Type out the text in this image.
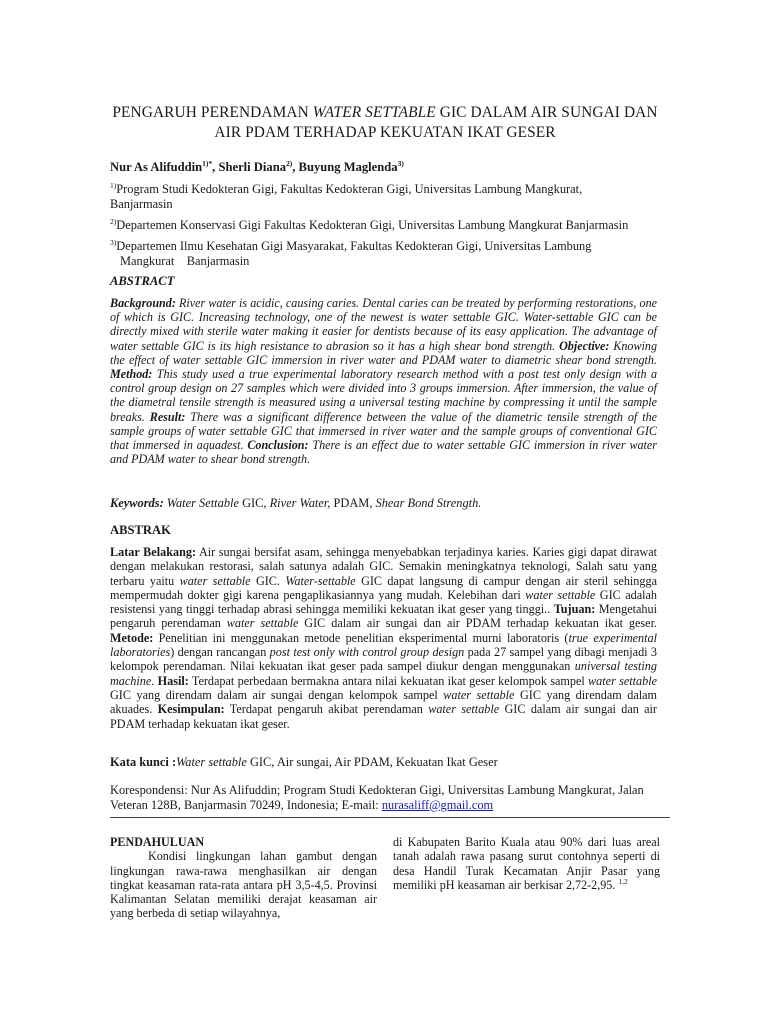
PENGARUH PERENDAMAN WATER SETTABLE GIC DALAM AIR SUNGAI DAN AIR PDAM TERHADAP KEKUATAN IKAT GESER
Nur As Alifuddin$^{1)*}$, Sherli Diana$^{2)}$, Buyung Maglenda$^{3)}$
$^{1)}$Program Studi Kedokteran Gigi, Fakultas Kedokteran Gigi, Universitas Lambung Mangkurat,
Banjarmasin
$^{2)}$Departemen Konservasi Gigi Fakultas Kedokteran Gigi, Universitas Lambung Mangkurat Banjarmasin
$^{3)}$Departemen Ilmu Kesehatan Gigi Masyarakat, Fakultas Kedokteran Gigi, Universitas Lambung
Mangkurat    Banjarmasin
ABSTRACT
Background: River water is acidic, causing caries. Dental caries can be treated by performing restorations, one of which is GIC. Increasing technology, one of the newest is water settable GIC. Water-settable GIC can be directly mixed with sterile water making it easier for dentists because of its easy application. The advantage of water settable GIC is its high resistance to abrasion so it has a high shear bond strength. Objective: Knowing the effect of water settable GIC immersion in river water and PDAM water to diametric shear bond strength. Method: This study used a true experimental laboratory research method with a post test only design with a control group design on 27 samples which were divided into 3 groups immersion. After immersion, the value of the diametral tensile strength is measured using a universal testing machine by compressing it until the sample breaks. Result: There was a significant difference between the value of the diametric tensile strength of the sample groups of water settable GIC that immersed in river water and the sample groups of conventional GIC that immersed in aquadest. Conclusion: There is an effect due to water settable GIC immersion in river water and PDAM water to shear bond strength.
Keywords: Water Settable GIC, River Water, PDAM, Shear Bond Strength.
ABSTRAK
Latar Belakang: Air sungai bersifat asam, sehingga menyebabkan terjadinya karies. Karies gigi dapat dirawat dengan melakukan restorasi, salah satunya adalah GIC. Semakin meningkatnya teknologi, Salah satu yang terbaru yaitu water settable GIC. Water-settable GIC dapat langsung di campur dengan air steril sehingga mempermudah dokter gigi karena pengaplikasiannya yang mudah. Kelebihan dari water settable GIC adalah resistensi yang tinggi terhadap abrasi sehingga memiliki kekuatan ikat geser yang tinggi.. Tujuan: Mengetahui pengaruh perendaman water settable GIC dalam air sungai dan air PDAM terhadap kekuatan ikat geser. Metode: Penelitian ini menggunakan metode penelitian eksperimental murni laboratoris (true experimental laboratories) dengan rancangan post test only with control group design pada 27 sampel yang dibagi menjadi 3 kelompok perendaman. Nilai kekuatan ikat geser pada sampel diukur dengan menggunakan universal testing machine. Hasil: Terdapat perbedaan bermakna antara nilai kekuatan ikat geser kelompok sampel water settable GIC yang direndam dalam air sungai dengan kelompok sampel water settable GIC yang direndam dalam akuades. Kesimpulan: Terdapat pengaruh akibat perendaman water settable GIC dalam air sungai dan air PDAM terhadap kekuatan ikat geser.
Kata kunci :Water settable GIC, Air sungai, Air PDAM, Kekuatan Ikat Geser
Korespondensi: Nur As Alifuddin; Program Studi Kedokteran Gigi, Universitas Lambung Mangkurat, Jalan Veteran 128B, Banjarmasin 70249, Indonesia; E-mail: nurasaliff@gmail.com
PENDAHULUAN

Kondisi lingkungan lahan gambut dengan lingkungan rawa-rawa menghasilkan air dengan tingkat keasaman rata-rata antara pH 3,5-4,5. Provinsi Kalimantan Selatan memiliki derajat keasaman air yang berbeda di setiap wilayahnya,

di Kabupaten Barito Kuala atau 90% dari luas areal tanah adalah rawa pasang surut contohnya seperti di desa Handil Turak Kecamatan Anjir Pasar yang memiliki pH keasaman air berkisar 2,72-2,95. $^{1,2}$
